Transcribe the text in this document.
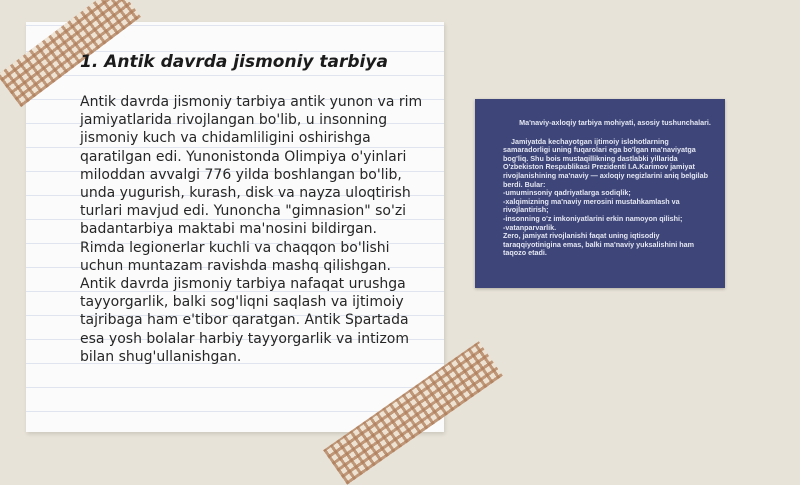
1. Antik davrda jismoniy tarbiya

Antik davrda jismoniy tarbiya antik yunon va rim jamiyatlarida rivojlangan bo'lib, u insonning jismoniy kuch va chidamliligini oshirishga qaratilgan edi. Yunonistonda Olimpiya o'yinlari miloddan avvalgi 776 yilda boshlangan bo'lib, unda yugurish, kurash, disk va nayza uloqtirish turlari mavjud edi. Yunoncha "gimnasion" so'zi badantarbiya maktabi ma'nosini bildirgan. Rimda legionerlar kuchli va chaqqon bo'lishi uchun muntazam ravishda mashq qilishgan. Antik davrda jismoniy tarbiya nafaqat urushga tayyorgarlik, balki sog'liqni saqlash va ijtimoiy tajribaga ham e'tibor qaratgan. Antik Spartada esa yosh bolalar harbiy tayyorgarlik va intizom bilan shug'ullanishgan.

Ma'naviy-axloqiy tarbiya mohiyati, asosiy tushunchalari.

Jamiyatda kechayotgan ijtimoiy islohotlarning samaradorligi uning fuqarolari ega bo'lgan ma'naviyatga bog'liq. Shu bois mustaqillikning dastlabki yillarida O'zbekiston Respublikasi Prezidenti I.A.Karimov jamiyat rivojlanishining ma'naviy — axloqiy negizlarini aniq belgilab berdi. Bular:

-umuminsoniy qadriyatlarga sodiqlik;
-xalqimizning ma'naviy merosini mustahkamlash va rivojlantirish;
-insonning o'z imkoniyatlarini erkin namoyon qilishi;
-vatanparvarlik.

Zero, jamiyat rivojlanishi faqat uning iqtisodiy taraqqiyotinigina emas, balki ma'naviy yuksalishini ham taqozo etadi.
